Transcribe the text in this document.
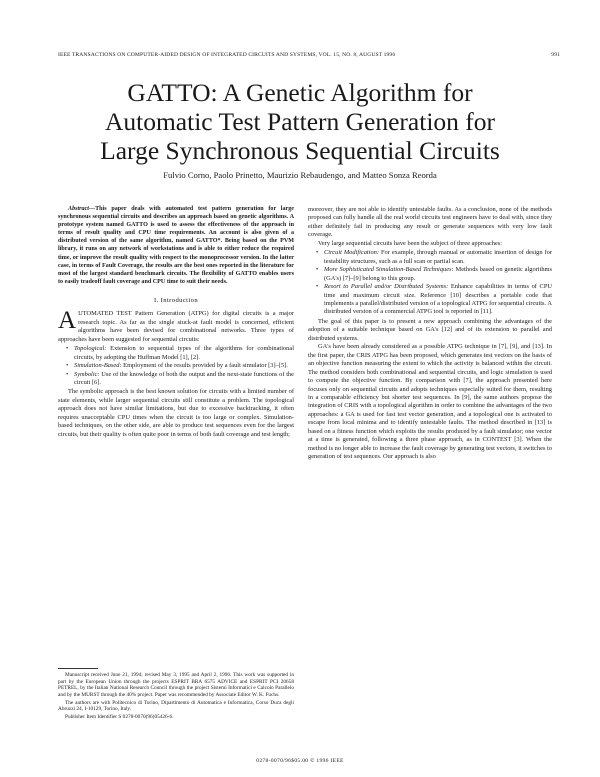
IEEE TRANSACTIONS ON COMPUTER-AIDED DESIGN OF INTEGRATED CIRCUITS AND SYSTEMS, VOL. 15, NO. 8, AUGUST 1996	991
GATTO: A Genetic Algorithm for
Automatic Test Pattern Generation for
Large Synchronous Sequential Circuits
Fulvio Corno, Paolo Prinetto, Maurizio Rebaudengo, and Matteo Sonza Reorda

Abstract—This paper deals with automated test pattern generation for large synchronous sequential circuits and describes an approach based on genetic algorithms. A prototype system named GATTO is used to assess the effectiveness of the approach in terms of result quality and CPU time requirements. An account is also given of a distributed version of the same algorithm, named GATTO*. Being based on the PVM library, it runs on any network of workstations and is able to either reduce the required time, or improve the result quality with respect to the monoprocessor version. In the latter case, in terms of Fault Coverage, the results are the best ones reported in the literature for most of the largest standard benchmark circuits. The flexibility of GATTO enables users to easily tradeoff fault coverage and CPU time to suit their needs.

I. Introduction

AUTOMATED TEST Pattern Generation (ATPG) for digital circuits is a major research topic. As far as the single stuck-at fault model is concerned, efficient algorithms have been devised for combinational networks. Three types of approaches have been suggested for sequential circuits:

• Topological: Extension to sequential types of the algorithms for combinational circuits, by adopting the Huffman Model [1], [2].
• Simulation-Based: Employment of the results provided by a fault simulator [3]–[5].
• Symbolic: Use of the knowledge of both the output and the next-state functions of the circuit [6].

The symbolic approach is the best known solution for circuits with a limited number of state elements, while larger sequential circuits still constitute a problem. The topological approach does not have similar limitations, but due to excessive backtracking, it often requires unacceptable CPU times when the circuit is too large or complex. Simulation-based techniques, on the other side, are able to produce test sequences even for the largest circuits, but their quality is often quite poor in terms of both fault coverage and test length;

Manuscript received June 21, 1994; revised May 3, 1995 and April 2, 1996. This work was supported in part by the European Union through the projects ESPRIT BRA 6575 ADVICE and ESPRIT PCI 20658 PETREL, by the Italian National Research Council through the project Sistemi Informatici e Calcolo Parallelo and by the MURST through the 40% project. Paper was recommended by Associate Editor W. K. Fuchs.

The authors are with Politecnico di Torino, Dipartimento di Automatica e Informatica, Corso Duca degli Abruzzi 24, I-10129, Torino, Italy.

Publisher Item Identifier S 0278-0070(96)05426-6.

moreover, they are not able to identify untestable faults. As a conclusion, none of the methods proposed can fully handle all the real world circuits test engineers have to deal with, since they either definitely fail in producing any result or generate sequences with very low fault coverage.

Very large sequential circuits have been the subject of three approaches:

• Circuit Modification: For example, through manual or automatic insertion of design for testability structures, such as a full scan or partial scan.
• More Sophisticated Simulation-Based Techniques: Methods based on genetic algorithms (GA's) [7]–[9] belong to this group.
• Resort to Parallel and/or Distributed Systems: Enhance capabilities in terms of CPU time and maximum circuit size. Reference [10] describes a portable code that implements a parallel/distributed version of a topological ATPG for sequential circuits. A distributed version of a commercial ATPG tool is reported in [11].

The goal of this paper is to present a new approach combining the advantages of the adoption of a suitable technique based on GA's [12] and of its extension to parallel and distributed systems.

GA's have been already considered as a possible ATPG technique in [7], [9], and [13]. In the first paper, the CRIS ATPG has been proposed, which generates test vectors on the basis of an objective function measuring the extent to which the activity is balanced within the circuit. The method considers both combinational and sequential circuits, and logic simulation is used to compute the objective function. By comparison with [7], the approach presented here focuses only on sequential circuits and adopts techniques especially suited for them, resulting in a comparable efficiency but shorter test sequences. In [9], the same authors propose the integration of CRIS with a topological algorithm in order to combine the advantages of the two approaches: a GA is used for fast test vector generation, and a topological one is activated to escape from local minima and to identify untestable faults. The method described in [13] is based on a fitness function which exploits the results produced by a fault simulator; one vector at a time is generated, following a three phase approach, as in CONTEST [3]. When the method is no longer able to increase the fault coverage by generating test vectors, it switches to generation of test sequences. Our approach is also

0278-0070/96$05.00 © 1996 IEEE
